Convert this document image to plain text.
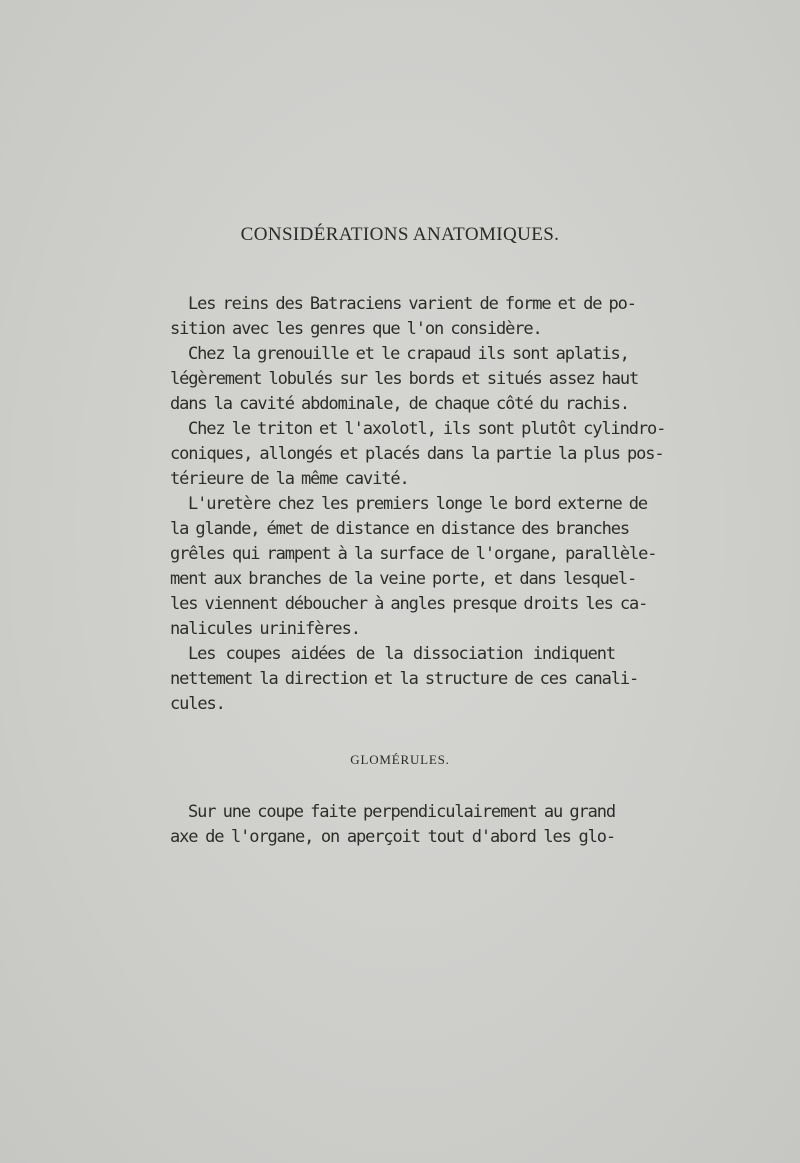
CONSIDÉRATIONS ANATOMIQUES.
Les reins des Batraciens varient de forme et de po-
sition avec les genres que l'on considère.
Chez la grenouille et le crapaud ils sont aplatis,
légèrement lobulés sur les bords et situés assez haut
dans la cavité abdominale, de chaque côté du rachis.
Chez le triton et l'axolotl, ils sont plutôt cylindro-
coniques, allongés et placés dans la partie la plus pos-
térieure de la même cavité.
L'uretère chez les premiers longe le bord externe de
la glande, émet de distance en distance des branches
grêles qui rampent à la surface de l'organe, parallèle-
ment aux branches de la veine porte, et dans lesquel-
les viennent déboucher à angles presque droits les ca-
nalicules urinifères.
Les coupes aidées de la dissociation indiquent
nettement la direction et la structure de ces canali-
cules.
GLOMÉRULES.
Sur une coupe faite perpendiculairement au grand
axe de l'organe, on aperçoit tout d'abord les glo-
